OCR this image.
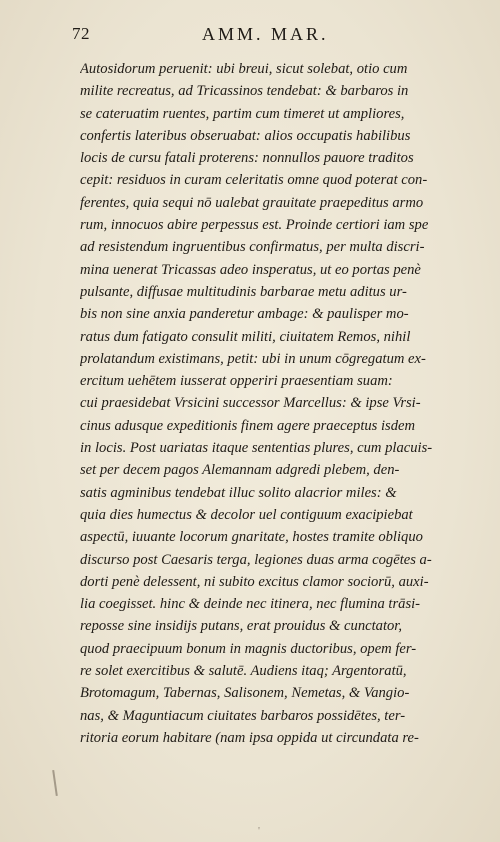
72	AMM. MAR.
Autosidorum peruenit: ubi breui, sicut solebat, otio cum
milite recreatus, ad Tricassinos tendebat: & barbaros in
se cateruatim ruentes, partim cum timeret ut ampliores,
confertis lateribus obseruabat: alios occupatis habilibus
locis de cursu fatali proterens: nonnullos pauore traditos
cepit: residuos in curam celeritatis omne quod poterat con-
ferentes, quia sequi nō ualebat grauitate praepeditus armo
rum, innocuos abire perpessus est. Proinde certiori iam spe
ad resistendum ingruentibus confirmatus, per multa discri-
mina uenerat Tricassas adeo insperatus, ut eo portas penè
pulsante, diffusae multitudinis barbarae metu aditus ur-
bis non sine anxia panderetur ambage: & paulisper mo-
ratus dum fatigato consulit militi, ciuitatem Remos, nihil
prolatandum existimans, petit: ubi in unum cōgregatum ex-
ercitum uehētem iusserat opperiri praesentiam suam:
cui praesidebat Vrsicini successor Marcellus: & ipse Vrsi-
cinus adusque expeditionis finem agere praeceptus isdem
in locis. Post uariatas itaque sententias plures, cum placuis-
set per decem pagos Alemannam adgredi plebem, den-
satis agminibus tendebat illuc solito alacrior miles: &
quia dies humectus & decolor uel contiguum exacipiebat
aspectū, iuuante locorum gnaritate, hostes tramite obliquo
discurso post Caesaris terga, legiones duas arma cogētes a-
dorti penè delessent, ni subito excitus clamor sociorū, auxi-
lia coegisset. hinc & deinde nec itinera, nec flumina trāsi-
reposse sine insidijs putans, erat prouidus & cunctator,
quod praecipuum bonum in magnis ductoribus, opem fer-
re solet exercitibus & salutē. Audiens itaq; Argentoratū,
Brotomagum, Tabernas, Salisonem, Nemetas, & Vangio-
nas, & Maguntiacum ciuitates barbaros possidētes, ter-
ritoria eorum habitare (nam ipsa oppida ut circundata re-
'
